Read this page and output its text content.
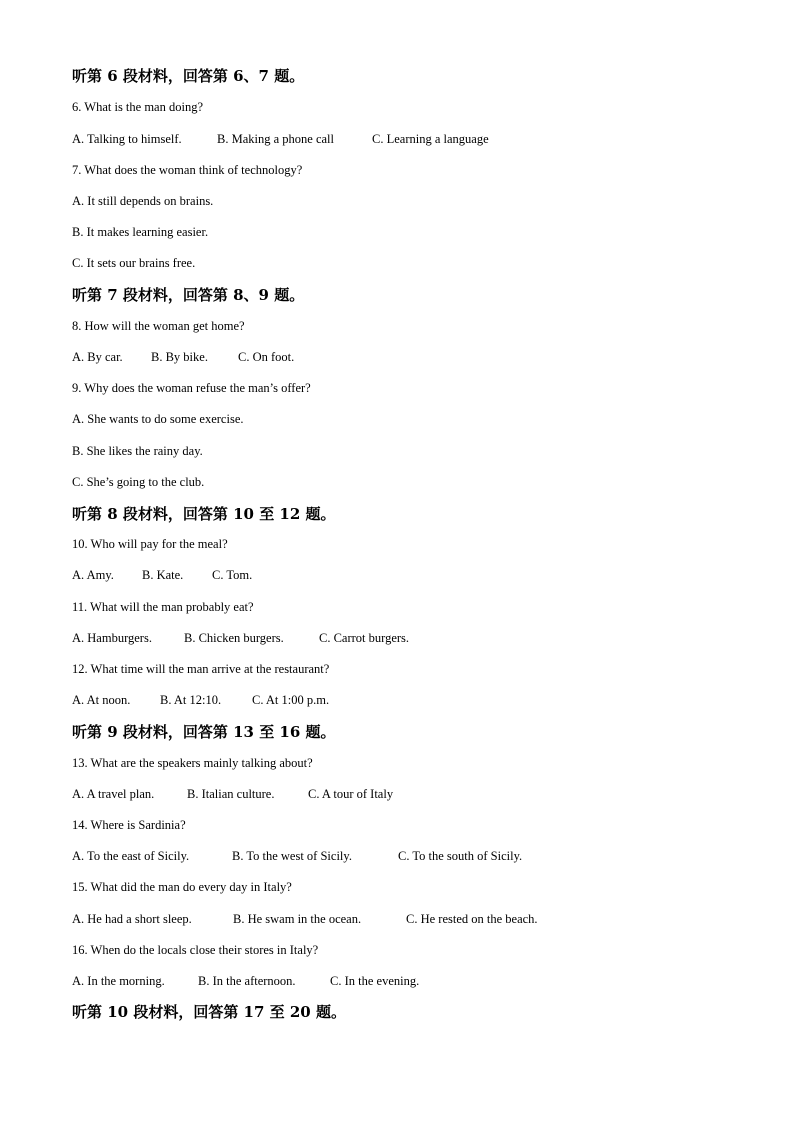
听第 6 段材料，回答第 6、7 题。
6. What is the man doing?
A. Talking to himself.	B. Making a phone call	C. Learning a language
7. What does the woman think of technology?
A. It still depends on brains.
B. It makes learning easier.
C. It sets our brains free.
听第 7 段材料，回答第 8、9 题。
8. How will the woman get home?
A. By car. B. By bike. C. On foot.
9. Why does the woman refuse the man’s offer?
A. She wants to do some exercise.
B. She likes the rainy day.
C. She’s going to the club.
听第 8 段材料，回答第 10 至 12 题。
10. Who will pay for the meal?
A. Amy. B. Kate. C. Tom.
11. What will the man probably eat?
A. Hamburgers.	B. Chicken burgers.	C. Carrot burgers.
12. What time will the man arrive at the restaurant?
A. At noon. B. At 12:10. C. At 1:00 p.m.
听第 9 段材料，回答第 13 至 16 题。
13. What are the speakers mainly talking about?
A. A travel plan.	B. Italian culture.	C. A tour of Italy
14. Where is Sardinia?
A. To the east of Sicily.	B. To the west of Sicily.	C. To the south of Sicily.
15. What did the man do every day in Italy?
A. He had a short sleep.	B. He swam in the ocean.	C. He rested on the beach.
16. When do the locals close their stores in Italy?
A. In the morning.	B. In the afternoon.	C. In the evening.
听第 10 段材料，回答第 17 至 20 题。
